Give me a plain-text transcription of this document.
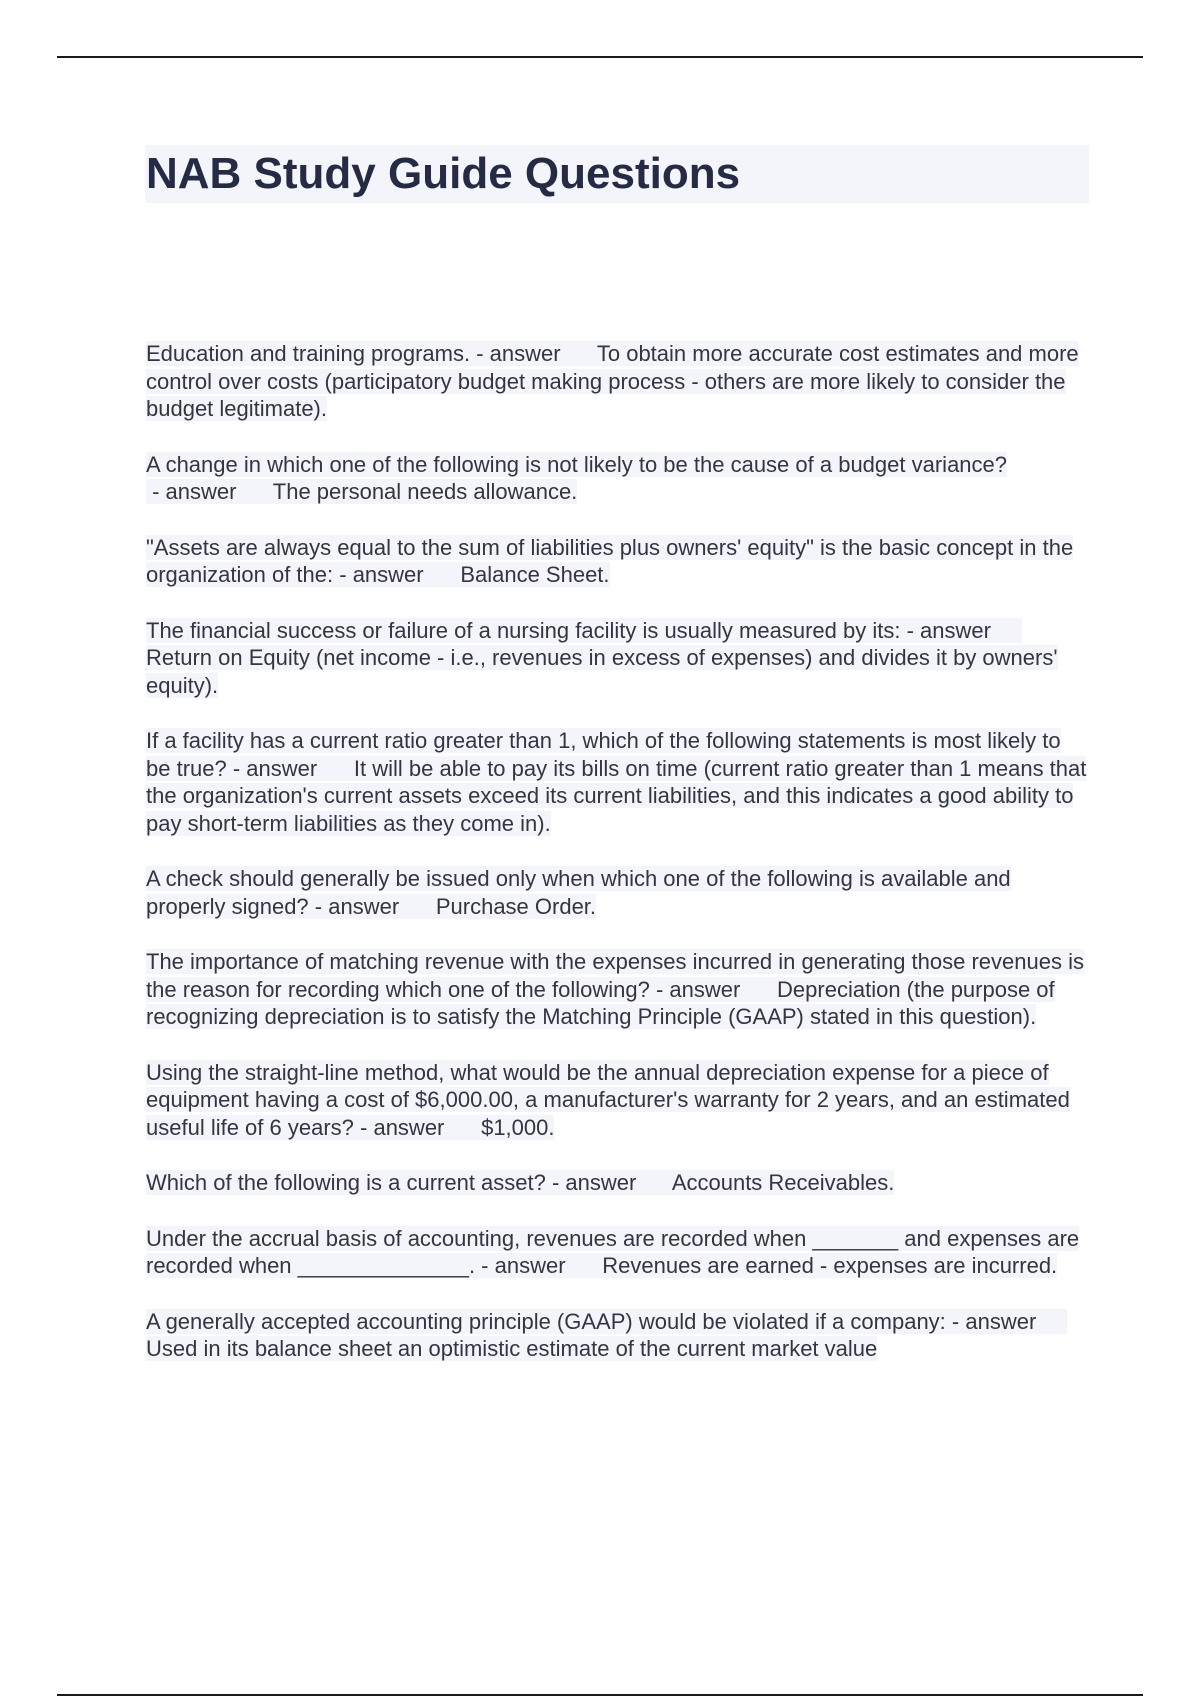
NAB Study Guide Questions

Education and training programs. - answer To obtain more accurate cost estimates and more control over costs (participatory budget making process - others are more likely to consider the budget legitimate).

A change in which one of the following is not likely to be the cause of a budget variance? - answer The personal needs allowance.

"Assets are always equal to the sum of liabilities plus owners' equity" is the basic concept in the organization of the: - answer Balance Sheet.

The financial success or failure of a nursing facility is usually measured by its: - answer      Return on Equity (net income - i.e., revenues in excess of expenses) and divides it by owners' equity).

If a facility has a current ratio greater than 1, which of the following statements is most likely to be true? - answer It will be able to pay its bills on time (current ratio greater than 1 means that the organization's current assets exceed its current liabilities, and this indicates a good ability to pay short-term liabilities as they come in).

A check should generally be issued only when which one of the following is available and properly signed? - answer Purchase Order.

The importance of matching revenue with the expenses incurred in generating those revenues is the reason for recording which one of the following? - answer Depreciation (the purpose of recognizing depreciation is to satisfy the Matching Principle (GAAP) stated in this question).

Using the straight-line method, what would be the annual depreciation expense for a piece of equipment having a cost of $6,000.00, a manufacturer's warranty for 2 years, and an estimated useful life of 6 years? - answer $1,000.

Which of the following is a current asset? - answer Accounts Receivables.

Under the accrual basis of accounting, revenues are recorded when _______ and expenses are recorded when ______________. - answer Revenues are earned - expenses are incurred.

A generally accepted accounting principle (GAAP) would be violated if a company: - answer      Used in its balance sheet an optimistic estimate of the current market value
